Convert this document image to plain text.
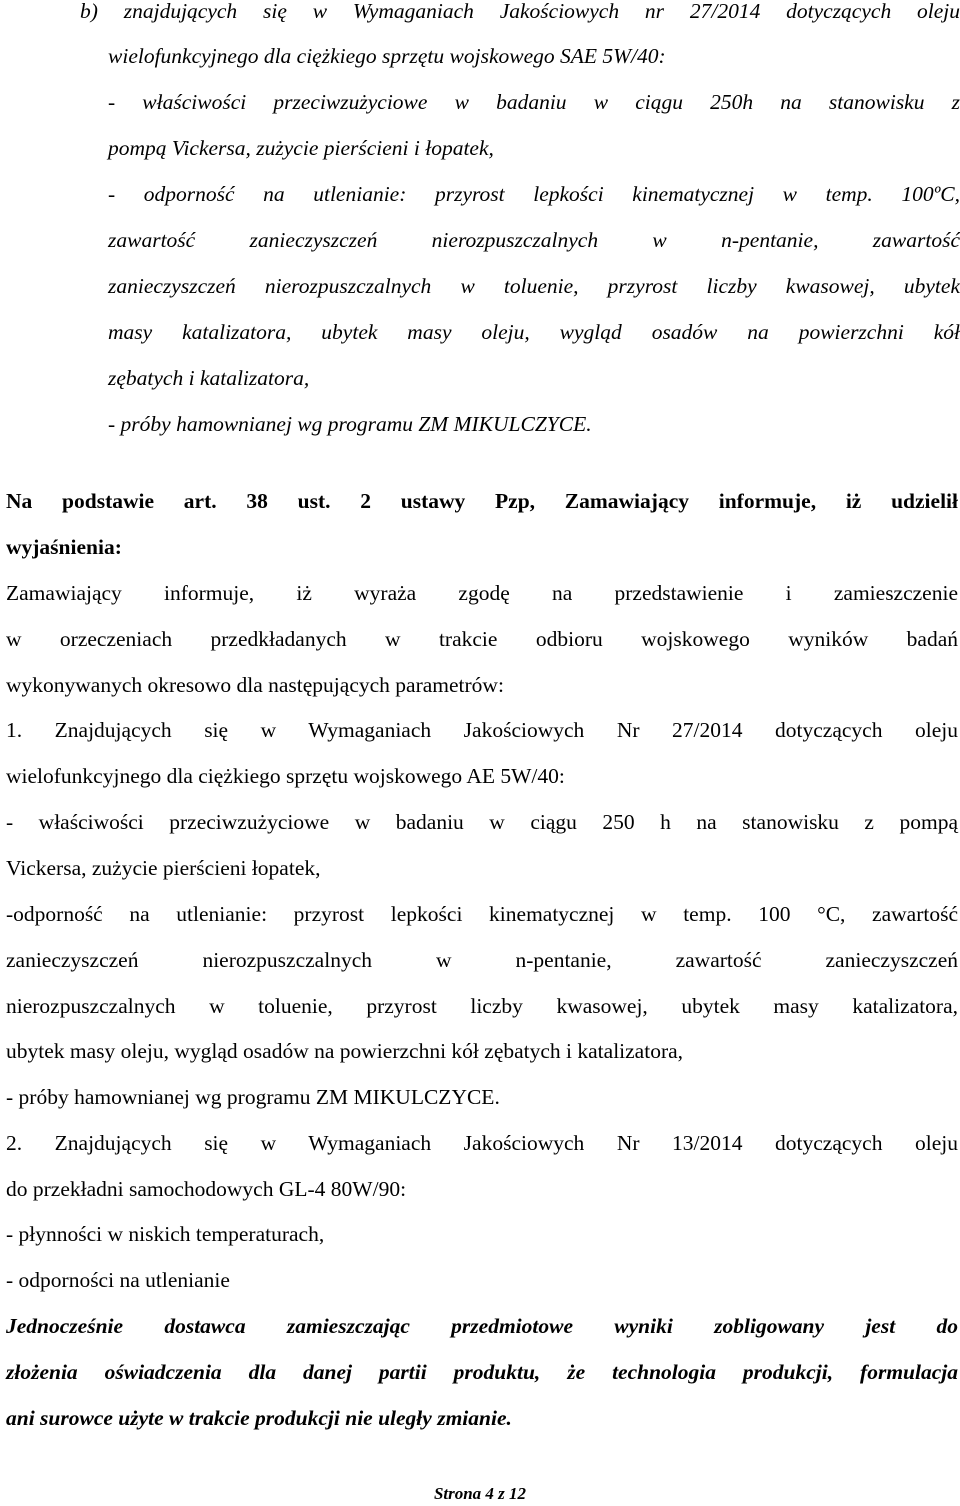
b) znajdujących się w Wymaganiach Jakościowych nr 27/2014 dotyczących oleju
wielofunkcyjnego dla ciężkiego sprzętu wojskowego SAE 5W/40:
- właściwości przeciwzużyciowe w badaniu w ciągu 250h na stanowisku z
pompą Vickersa, zużycie pierścieni i łopatek,
- odporność na utlenianie: przyrost lepkości kinematycznej w temp. 100ºC,
zawartość zanieczyszczeń nierozpuszczalnych w n-pentanie, zawartość
zanieczyszczeń nierozpuszczalnych w toluenie, przyrost liczby kwasowej, ubytek
masy katalizatora, ubytek masy oleju, wygląd osadów na powierzchni kół
zębatych i katalizatora,
- próby hamownianej wg programu ZM MIKULCZYCE.
Na podstawie art. 38 ust. 2 ustawy Pzp, Zamawiający informuje, iż udzielił
wyjaśnienia:
Zamawiający informuje, iż wyraża zgodę na przedstawienie i zamieszczenie
w orzeczeniach przedkładanych w trakcie odbioru wojskowego wyników badań
wykonywanych okresowo dla następujących parametrów:
1. Znajdujących się w Wymaganiach Jakościowych Nr 27/2014 dotyczących oleju
wielofunkcyjnego dla ciężkiego sprzętu wojskowego AE 5W/40:
- właściwości przeciwzużyciowe w badaniu w ciągu 250 h na stanowisku z pompą
Vickersa, zużycie pierścieni łopatek,
-odporność na utlenianie: przyrost lepkości kinematycznej w temp. 100 °C, zawartość
zanieczyszczeń nierozpuszczalnych w n-pentanie, zawartość zanieczyszczeń
nierozpuszczalnych w toluenie, przyrost liczby kwasowej, ubytek masy katalizatora,
ubytek masy oleju, wygląd osadów na powierzchni kół zębatych i katalizatora,
- próby hamownianej wg programu ZM MIKULCZYCE.
2. Znajdujących się w Wymaganiach Jakościowych Nr 13/2014 dotyczących oleju
do przekładni samochodowych GL-4 80W/90:
- płynności w niskich temperaturach,
- odporności na utlenianie
Jednocześnie dostawca zamieszczając przedmiotowe wyniki zobligowany jest do
złożenia oświadczenia dla danej partii produktu, że technologia produkcji, formulacja
ani surowce użyte w trakcie produkcji nie uległy zmianie.
Strona 4 z 12
